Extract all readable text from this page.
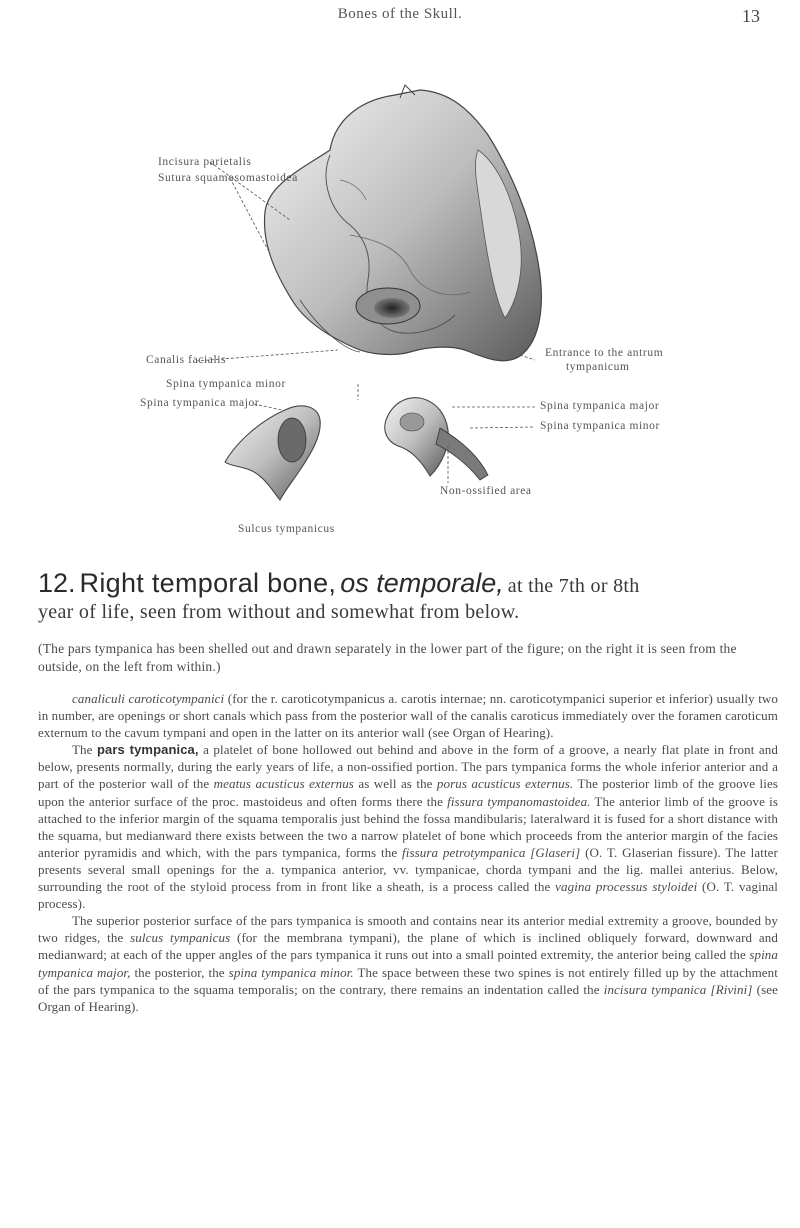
Bones of the Skull.	13
Incisura parietalis
Sutura squamosomastoidea
Canalis facialis
Entrance to the antrum
tympanicum
Spina tympanica minor
Spina tympanica major	Spina tympanica major
Spina tympanica minor
Non-ossified area
Sulcus tympanicus
12. Right temporal bone, os temporale, at the 7th or 8th
year of life, seen from without and somewhat from below.
(The pars tympanica has been shelled out and drawn separately in the lower part of the figure; on the right it is seen from the outside, on the left from within.)

canaliculi caroticotympanici (for the r. caroticotympanicus a. carotis internae; nn. caroticotympanici superior et inferior) usually two in number, are openings or short canals which pass from the posterior wall of the canalis caroticus immediately over the foramen caroticum externum to the cavum tympani and open in the latter on its anterior wall (see Organ of Hearing).

The pars tympanica, a platelet of bone hollowed out behind and above in the form of a groove, a nearly flat plate in front and below, presents normally, during the early years of life, a non-ossified portion. The pars tympanica forms the whole inferior anterior and a part of the posterior wall of the meatus acusticus externus as well as the porus acusticus externus. The posterior limb of the groove lies upon the anterior surface of the proc. mastoideus and often forms there the fissura tympanomastoidea. The anterior limb of the groove is attached to the inferior margin of the squama temporalis just behind the fossa mandibularis; lateralward it is fused for a short distance with the squama, but medianward there exists between the two a narrow platelet of bone which proceeds from the anterior margin of the facies anterior pyramidis and which, with the pars tympanica, forms the fissura petrotympanica [Glaseri] (O. T. Glaserian fissure). The latter presents several small openings for the a. tympanica anterior, vv. tympanicae, chorda tympani and the lig. mallei anterius. Below, surrounding the root of the styloid process from in front like a sheath, is a process called the vagina processus styloidei (O. T. vaginal process).

The superior posterior surface of the pars tympanica is smooth and contains near its anterior medial extremity a groove, bounded by two ridges, the sulcus tympanicus (for the membrana tympani), the plane of which is inclined obliquely forward, downward and medianward; at each of the upper angles of the pars tympanica it runs out into a small pointed extremity, the anterior being called the spina tympanica major, the posterior, the spina tympanica minor. The space between these two spines is not entirely filled up by the attachment of the pars tympanica to the squama temporalis; on the contrary, there remains an indentation called the incisura tympanica [Rivini] (see Organ of Hearing).
